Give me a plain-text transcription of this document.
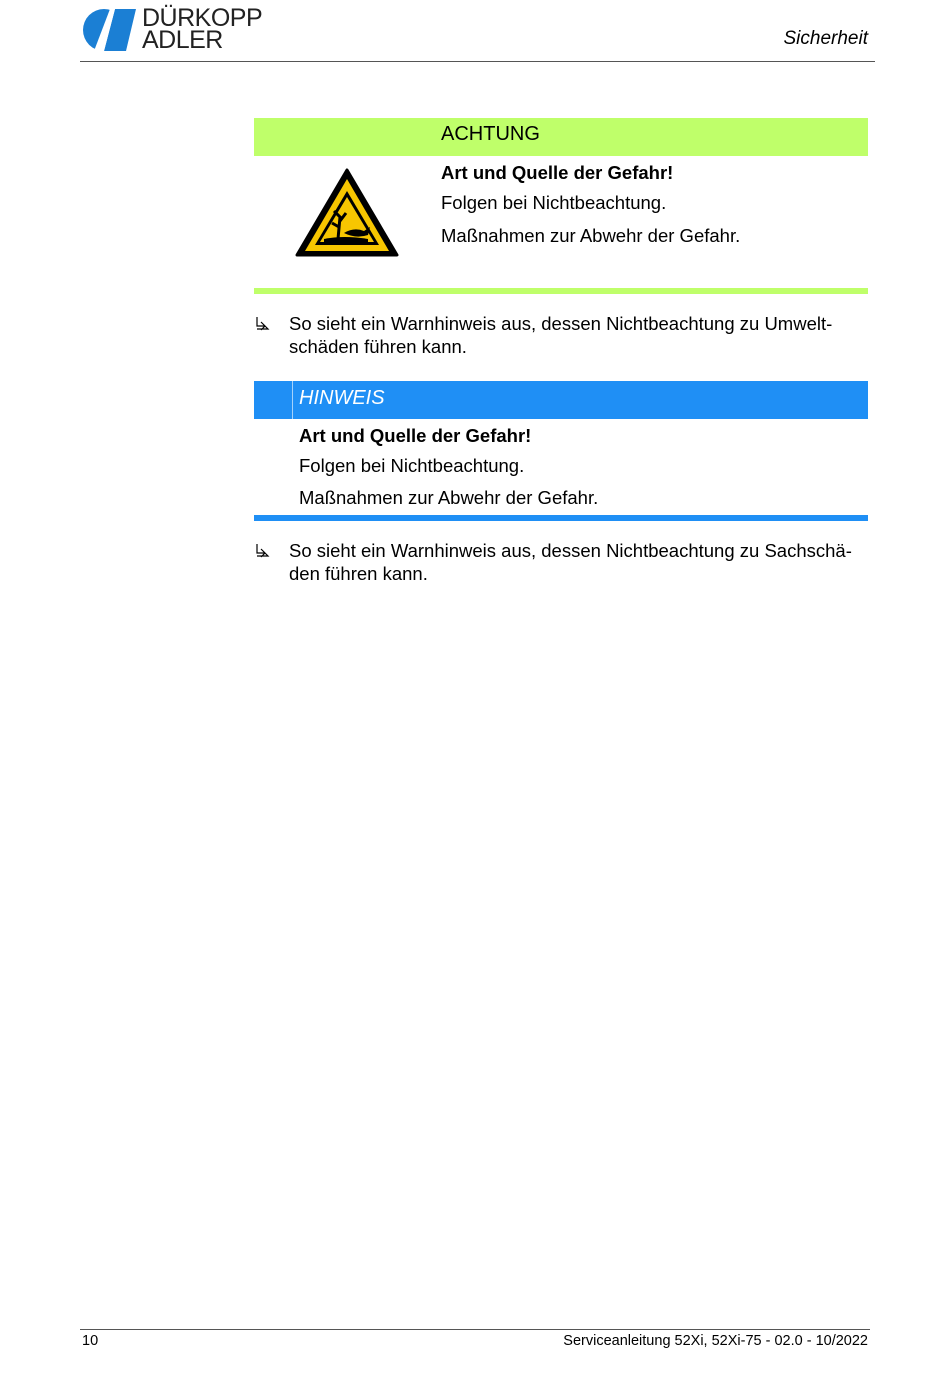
DÜRKOPP
ADLER	Sicherheit
ACHTUNG
Art und Quelle der Gefahr!
Folgen bei Nichtbeachtung.
Maßnahmen zur Abwehr der Gefahr.
So sieht ein Warnhinweis aus, dessen Nichtbeachtung zu Umwelt-
schäden führen kann.
HINWEIS
Art und Quelle der Gefahr!
Folgen bei Nichtbeachtung.
Maßnahmen zur Abwehr der Gefahr.
So sieht ein Warnhinweis aus, dessen Nichtbeachtung zu Sachschä-
den führen kann.
10	Serviceanleitung 52Xi, 52Xi-75 - 02.0 - 10/2022
